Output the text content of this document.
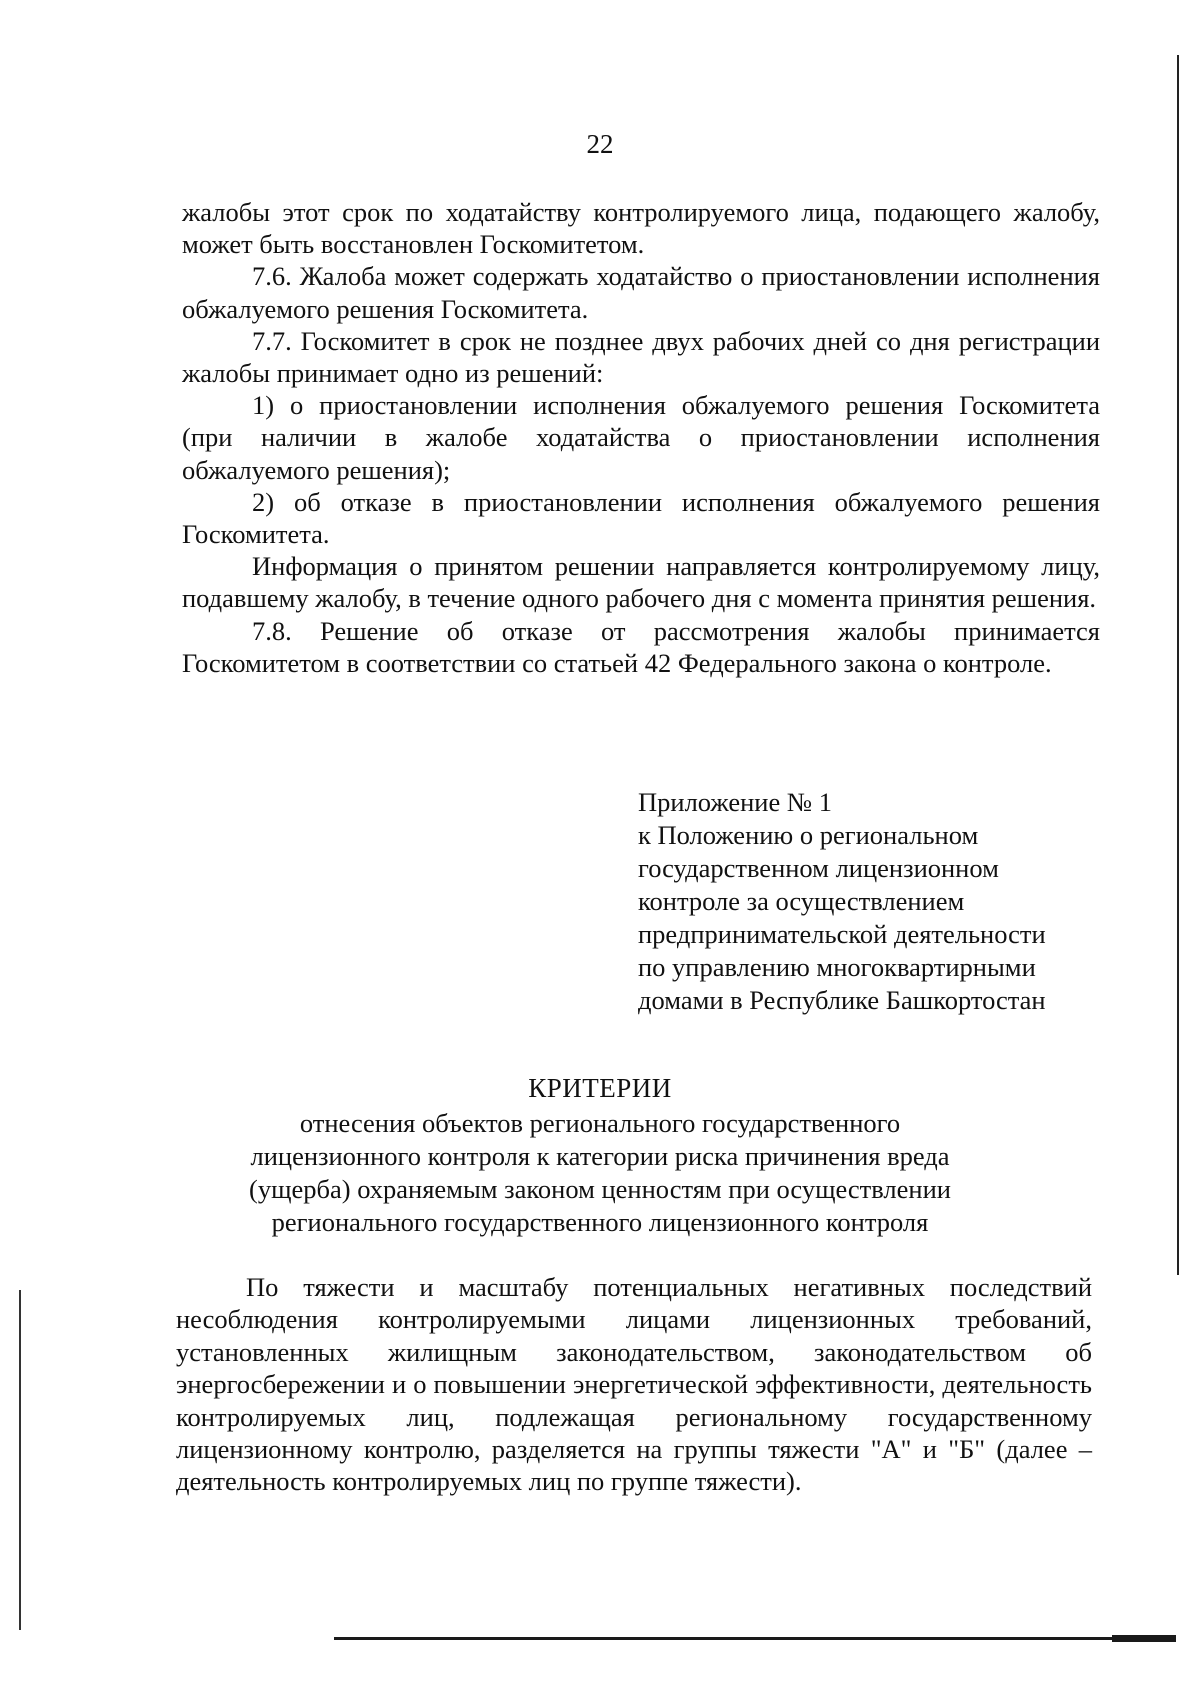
22

жалобы этот срок по ходатайству контролируемого лица, подающего жалобу, может быть восстановлен Госкомитетом.

7.6. Жалоба может содержать ходатайство о приостановлении исполнения обжалуемого решения Госкомитета.

7.7. Госкомитет в срок не позднее двух рабочих дней со дня регистрации жалобы принимает одно из решений:

1) о приостановлении исполнения обжалуемого решения Госкомитета (при наличии в жалобе ходатайства о приостановлении исполнения обжалуемого решения);

2) об отказе в приостановлении исполнения обжалуемого решения Госкомитета.

Информация о принятом решении направляется контролируемому лицу, подавшему жалобу, в течение одного рабочего дня с момента принятия решения.

7.8. Решение об отказе от рассмотрения жалобы принимается Госкомитетом в соответствии со статьей 42 Федерального закона о контроле.

Приложение № 1
к Положению о региональном
государственном лицензионном
контроле за осуществлением
предпринимательской деятельности
по управлению многоквартирными
домами в Республике Башкортостан
КРИТЕРИИ
отнесения объектов регионального государственного
лицензионного контроля к категории риска причинения вреда
(ущерба) охраняемым законом ценностям при осуществлении
регионального государственного лицензионного контроля

По тяжести и масштабу потенциальных негативных последствий несоблюдения контролируемыми лицами лицензионных требований, установленных жилищным законодательством, законодательством об энергосбережении и о повышении энергетической эффективности, деятельность контролируемых лиц, подлежащая региональному государственному лицензионному контролю, разделяется на группы тяжести "А" и "Б" (далее – деятельность контролируемых лиц по группе тяжести).
